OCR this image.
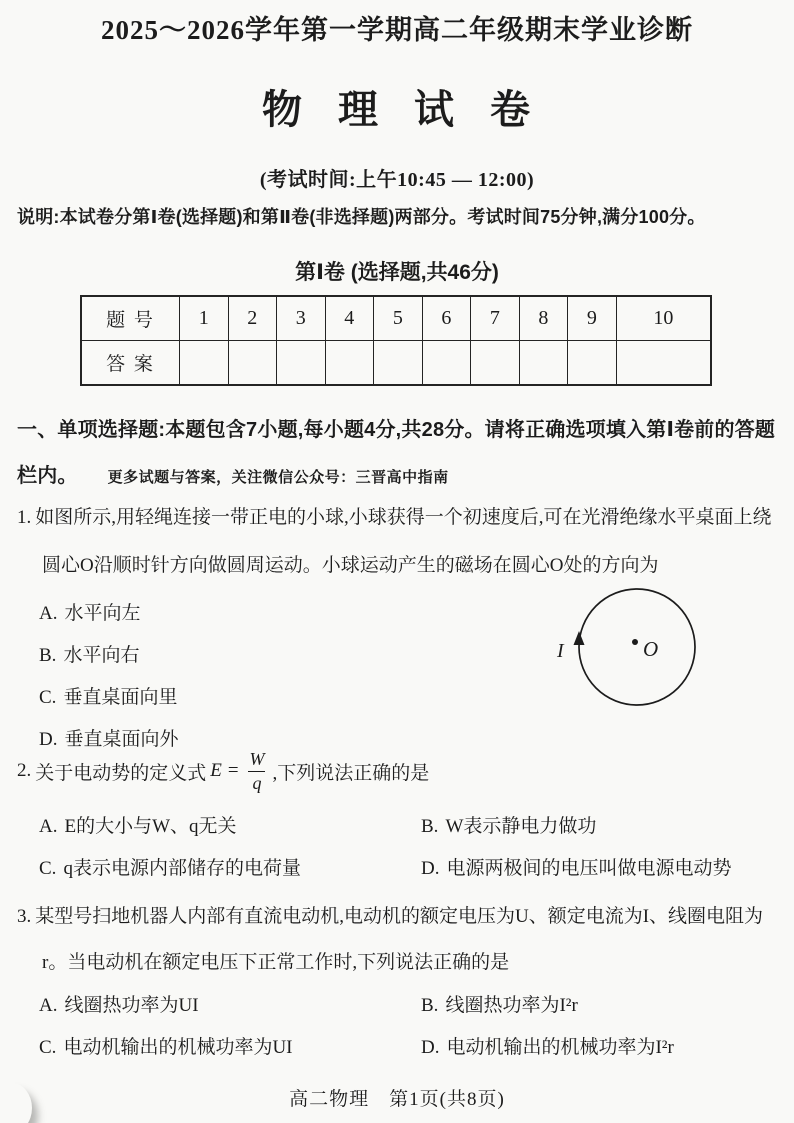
2025～2026学年第一学期高二年级期末学业诊断
物 理 试 卷
(考试时间:上午10:45 — 12:00)
说明:本试卷分第Ⅰ卷(选择题)和第Ⅱ卷(非选择题)两部分。考试时间75分钟,满分100分。
第Ⅰ卷 (选择题,共46分)
题 号	1	2	3	4	5	6	7	8	9	10
答 案										
一、单项选择题:本题包含7小题,每小题4分,共28分。请将正确选项填入第Ⅰ卷前的答题栏内。 更多试题与答案，关注微信公众号：三晋高中指南
1. 如图所示,用轻绳连接一带正电的小球,小球获得一个初速度后,可在光滑绝缘水平桌面上绕圆心O沿顺时针方向做圆周运动。小球运动产生的磁场在圆心O处的方向为
A. 水平向左
B. 水平向右
C. 垂直桌面向里
D. 垂直桌面向外
O
I
2. 关于电动势的定义式 $E = \frac{W}{q}$ ,下列说法正确的是
A. E的大小与W、q无关	B. W表示静电力做功
C. q表示电源内部储存的电荷量	D. 电源两极间的电压叫做电源电动势
3. 某型号扫地机器人内部有直流电动机,电动机的额定电压为U、额定电流为I、线圈电阻为r。当电动机在额定电压下正常工作时,下列说法正确的是
A. 线圈热功率为UI	B. 线圈热功率为I²r
C. 电动机输出的机械功率为UI	D. 电动机输出的机械功率为I²r
高二物理　第1页(共8页)
